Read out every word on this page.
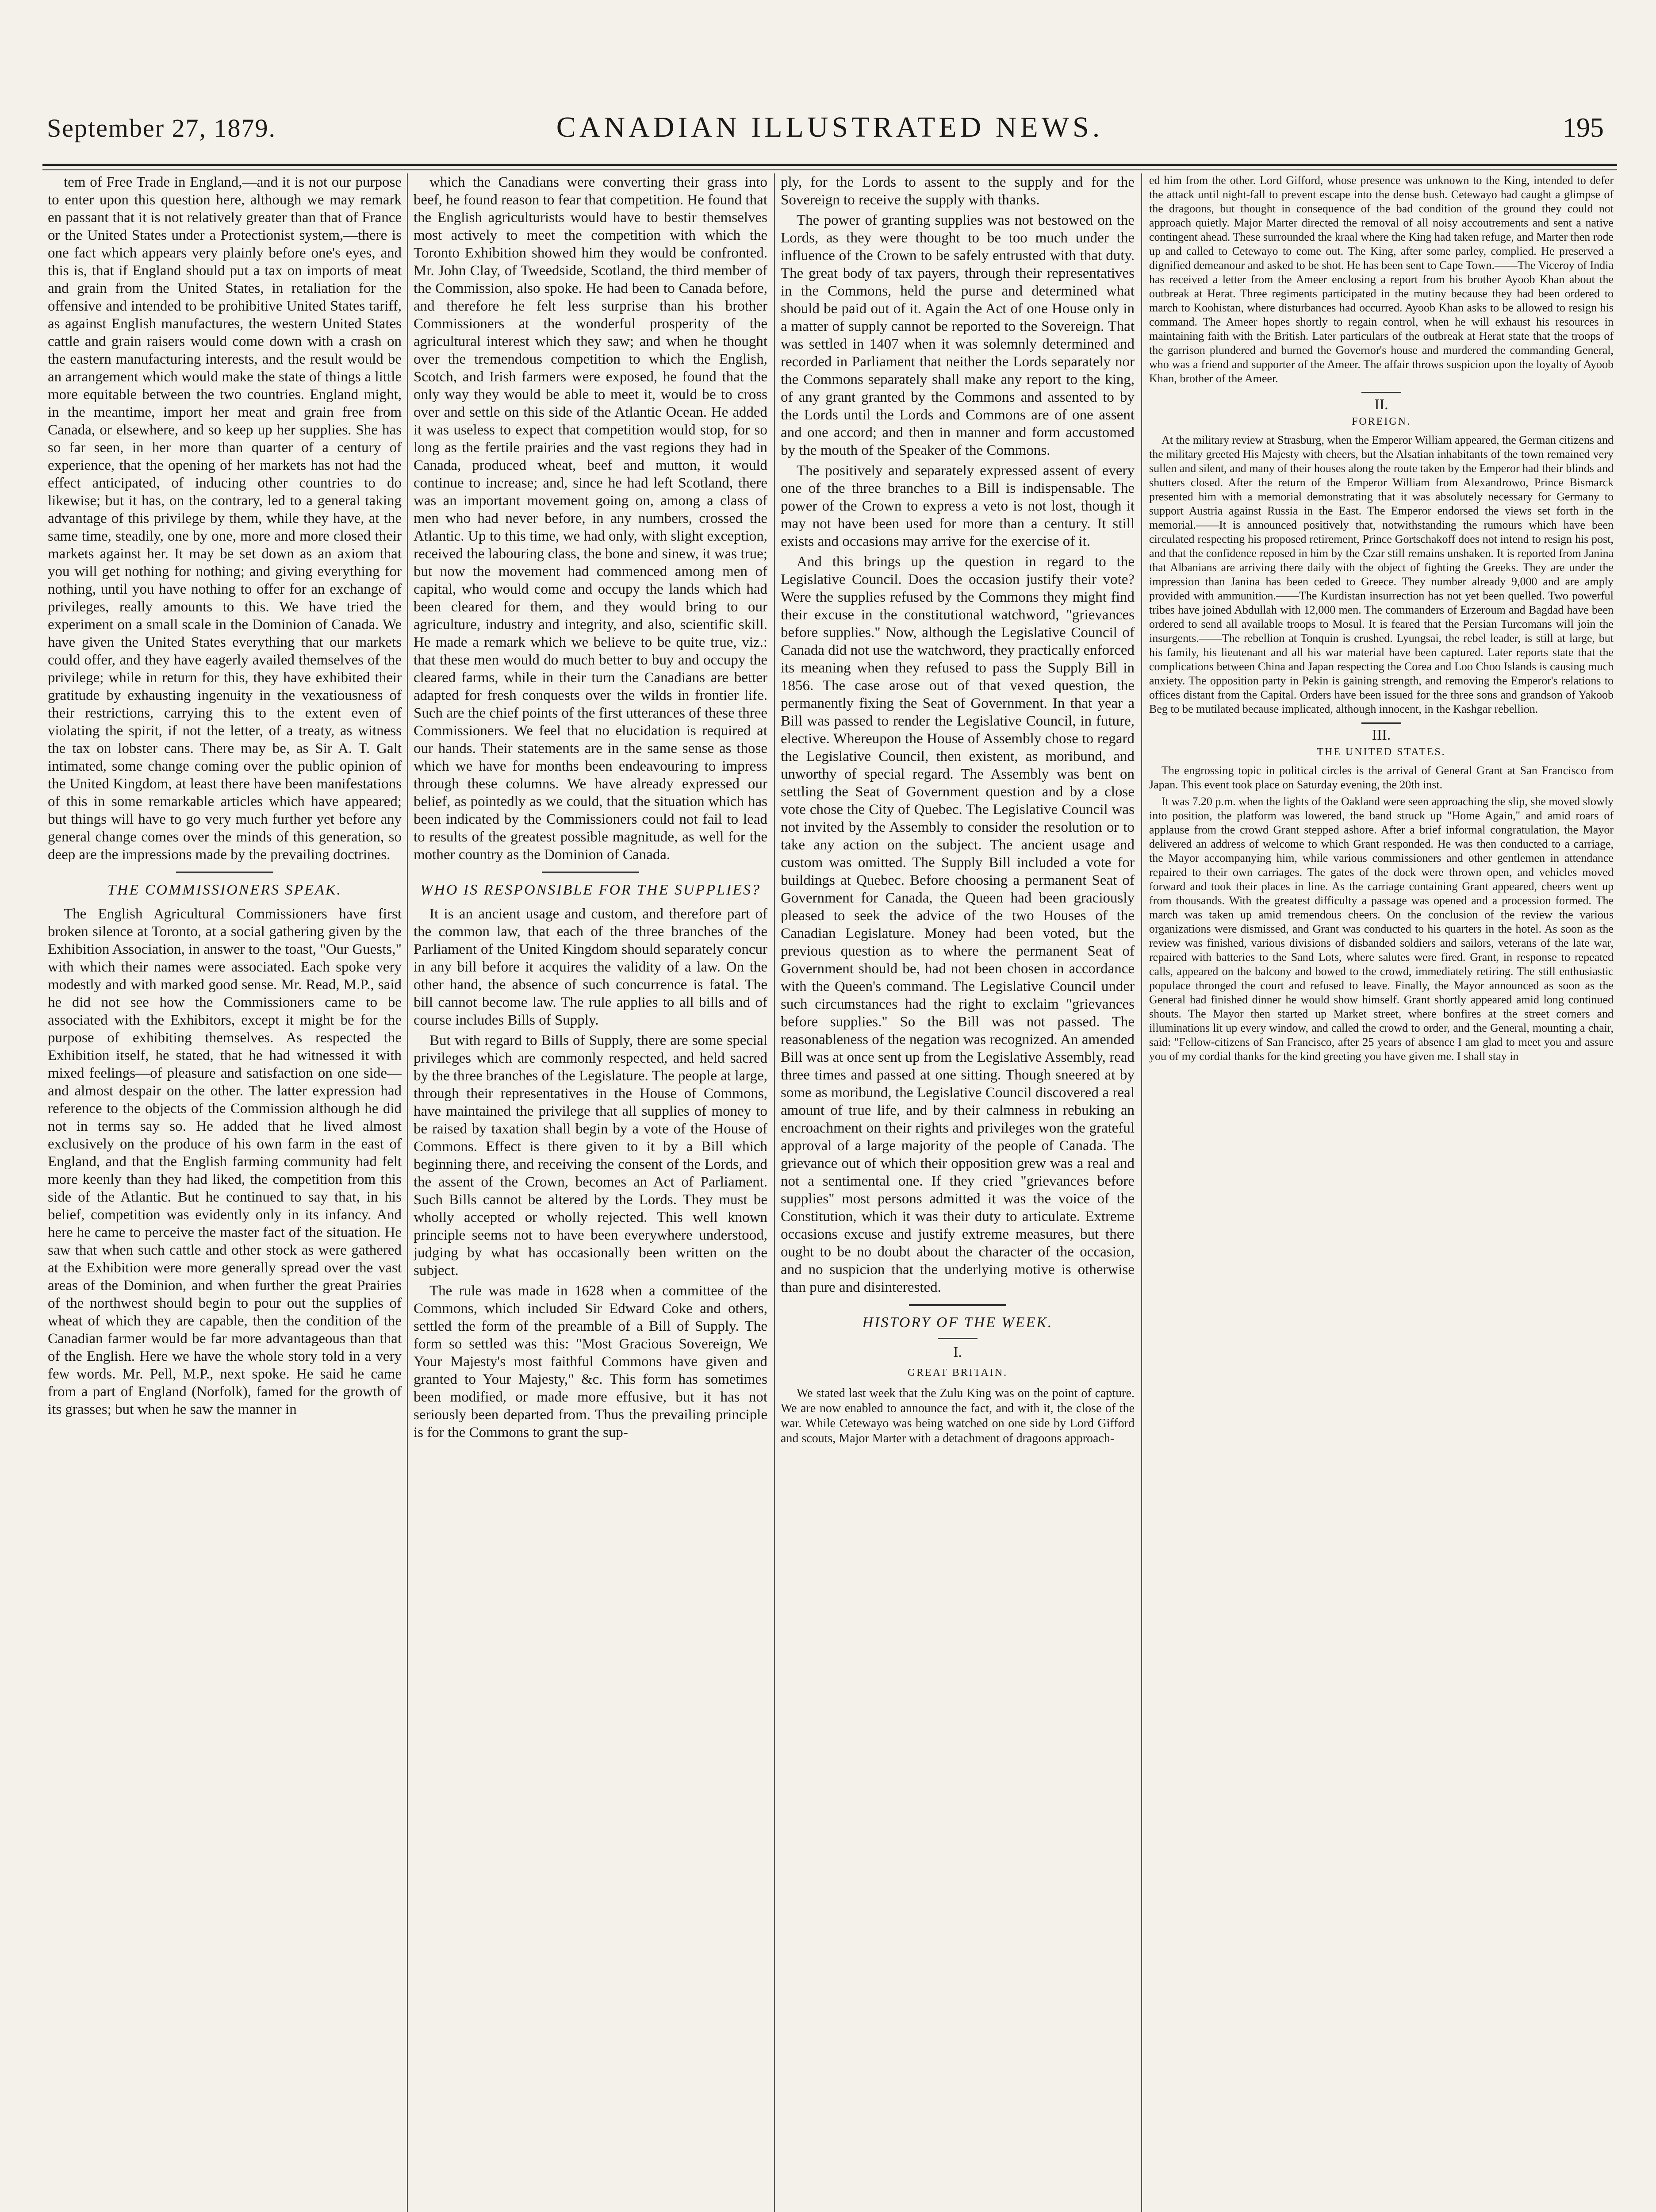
September 27, 1879.	CANADIAN ILLUSTRATED NEWS.	195

tem of Free Trade in England,—and it is not our purpose to enter upon this question here, although we may remark en passant that it is not relatively greater than that of France or the United States under a Protectionist system,—there is one fact which appears very plainly before one's eyes, and this is, that if England should put a tax on imports of meat and grain from the United States, in retaliation for the offensive and intended to be prohibitive United States tariff, as against English manufactures, the western United States cattle and grain raisers would come down with a crash on the eastern manufacturing interests, and the result would be an arrangement which would make the state of things a little more equitable between the two countries. England might, in the meantime, import her meat and grain free from Canada, or elsewhere, and so keep up her supplies. She has so far seen, in her more than quarter of a century of experience, that the opening of her markets has not had the effect anticipated, of inducing other countries to do likewise; but it has, on the contrary, led to a general taking advantage of this privilege by them, while they have, at the same time, steadily, one by one, more and more closed their markets against her. It may be set down as an axiom that you will get nothing for nothing; and giving everything for nothing, until you have nothing to offer for an exchange of privileges, really amounts to this. We have tried the experiment on a small scale in the Dominion of Canada. We have given the United States everything that our markets could offer, and they have eagerly availed themselves of the privilege; while in return for this, they have exhibited their gratitude by exhausting ingenuity in the vexatiousness of their restrictions, carrying this to the extent even of violating the spirit, if not the letter, of a treaty, as witness the tax on lobster cans. There may be, as Sir A. T. Galt intimated, some change coming over the public opinion of the United Kingdom, at least there have been manifestations of this in some remarkable articles which have appeared; but things will have to go very much further yet before any general change comes over the minds of this generation, so deep are the impressions made by the prevailing doctrines.

THE COMMISSIONERS SPEAK.

The English Agricultural Commissioners have first broken silence at Toronto, at a social gathering given by the Exhibition Association, in answer to the toast, "Our Guests," with which their names were associated. Each spoke very modestly and with marked good sense. Mr. Read, M.P., said he did not see how the Commissioners came to be associated with the Exhibitors, except it might be for the purpose of exhibiting themselves. As respected the Exhibition itself, he stated, that he had witnessed it with mixed feelings—of pleasure and satisfaction on one side—and almost despair on the other. The latter expression had reference to the objects of the Commission although he did not in terms say so. He added that he lived almost exclusively on the produce of his own farm in the east of England, and that the English farming community had felt more keenly than they had liked, the competition from this side of the Atlantic. But he continued to say that, in his belief, competition was evidently only in its infancy. And here he came to perceive the master fact of the situation. He saw that when such cattle and other stock as were gathered at the Exhibition were more generally spread over the vast areas of the Dominion, and when further the great Prairies of the northwest should begin to pour out the supplies of wheat of which they are capable, then the condition of the Canadian farmer would be far more advantageous than that of the English. Here we have the whole story told in a very few words. Mr. Pell, M.P., next spoke. He said he came from a part of England (Norfolk), famed for the growth of its grasses; but when he saw the manner in

which the Canadians were converting their grass into beef, he found reason to fear that competition. He found that the English agriculturists would have to bestir themselves most actively to meet the competition with which the Toronto Exhibition showed him they would be confronted. Mr. John Clay, of Tweedside, Scotland, the third member of the Commission, also spoke. He had been to Canada before, and therefore he felt less surprise than his brother Commissioners at the wonderful prosperity of the agricultural interest which they saw; and when he thought over the tremendous competition to which the English, Scotch, and Irish farmers were exposed, he found that the only way they would be able to meet it, would be to cross over and settle on this side of the Atlantic Ocean. He added it was useless to expect that competition would stop, for so long as the fertile prairies and the vast regions they had in Canada, produced wheat, beef and mutton, it would continue to increase; and, since he had left Scotland, there was an important movement going on, among a class of men who had never before, in any numbers, crossed the Atlantic. Up to this time, we had only, with slight exception, received the labouring class, the bone and sinew, it was true; but now the movement had commenced among men of capital, who would come and occupy the lands which had been cleared for them, and they would bring to our agriculture, industry and integrity, and also, scientific skill. He made a remark which we believe to be quite true, viz.: that these men would do much better to buy and occupy the cleared farms, while in their turn the Canadians are better adapted for fresh conquests over the wilds in frontier life. Such are the chief points of the first utterances of these three Commissioners. We feel that no elucidation is required at our hands. Their statements are in the same sense as those which we have for months been endeavouring to impress through these columns. We have already expressed our belief, as pointedly as we could, that the situation which has been indicated by the Commissioners could not fail to lead to results of the greatest possible magnitude, as well for the mother country as the Dominion of Canada.

WHO IS RESPONSIBLE FOR THE SUPPLIES?

It is an ancient usage and custom, and therefore part of the common law, that each of the three branches of the Parliament of the United Kingdom should separately concur in any bill before it acquires the validity of a law. On the other hand, the absence of such concurrence is fatal. The bill cannot become law. The rule applies to all bills and of course includes Bills of Supply.

But with regard to Bills of Supply, there are some special privileges which are commonly respected, and held sacred by the three branches of the Legislature. The people at large, through their representatives in the House of Commons, have maintained the privilege that all supplies of money to be raised by taxation shall begin by a vote of the House of Commons. Effect is there given to it by a Bill which beginning there, and receiving the consent of the Lords, and the assent of the Crown, becomes an Act of Parliament. Such Bills cannot be altered by the Lords. They must be wholly accepted or wholly rejected. This well known principle seems not to have been everywhere understood, judging by what has occasionally been written on the subject.

The rule was made in 1628 when a committee of the Commons, which included Sir Edward Coke and others, settled the form of the preamble of a Bill of Supply. The form so settled was this: "Most Gracious Sovereign, We Your Majesty's most faithful Commons have given and granted to Your Majesty," &c. This form has sometimes been modified, or made more effusive, but it has not seriously been departed from. Thus the prevailing principle is for the Commons to grant the sup-

ply, for the Lords to assent to the supply and for the Sovereign to receive the supply with thanks.

The power of granting supplies was not bestowed on the Lords, as they were thought to be too much under the influence of the Crown to be safely entrusted with that duty. The great body of tax payers, through their representatives in the Commons, held the purse and determined what should be paid out of it. Again the Act of one House only in a matter of supply cannot be reported to the Sovereign. That was settled in 1407 when it was solemnly determined and recorded in Parliament that neither the Lords separately nor the Commons separately shall make any report to the king, of any grant granted by the Commons and assented to by the Lords until the Lords and Commons are of one assent and one accord; and then in manner and form accustomed by the mouth of the Speaker of the Commons.

The positively and separately expressed assent of every one of the three branches to a Bill is indispensable. The power of the Crown to express a veto is not lost, though it may not have been used for more than a century. It still exists and occasions may arrive for the exercise of it.

And this brings up the question in regard to the Legislative Council. Does the occasion justify their vote? Were the supplies refused by the Commons they might find their excuse in the constitutional watchword, "grievances before supplies." Now, although the Legislative Council of Canada did not use the watchword, they practically enforced its meaning when they refused to pass the Supply Bill in 1856. The case arose out of that vexed question, the permanently fixing the Seat of Government. In that year a Bill was passed to render the Legislative Council, in future, elective. Whereupon the House of Assembly chose to regard the Legislative Council, then existent, as moribund, and unworthy of special regard. The Assembly was bent on settling the Seat of Government question and by a close vote chose the City of Quebec. The Legislative Council was not invited by the Assembly to consider the resolution or to take any action on the subject. The ancient usage and custom was omitted. The Supply Bill included a vote for buildings at Quebec. Before choosing a permanent Seat of Government for Canada, the Queen had been graciously pleased to seek the advice of the two Houses of the Canadian Legislature. Money had been voted, but the previous question as to where the permanent Seat of Government should be, had not been chosen in accordance with the Queen's command. The Legislative Council under such circumstances had the right to exclaim "grievances before supplies." So the Bill was not passed. The reasonableness of the negation was recognized. An amended Bill was at once sent up from the Legislative Assembly, read three times and passed at one sitting. Though sneered at by some as moribund, the Legislative Council discovered a real amount of true life, and by their calmness in rebuking an encroachment on their rights and privileges won the grateful approval of a large majority of the people of Canada. The grievance out of which their opposition grew was a real and not a sentimental one. If they cried "grievances before supplies" most persons admitted it was the voice of the Constitution, which it was their duty to articulate. Extreme occasions excuse and justify extreme measures, but there ought to be no doubt about the character of the occasion, and no suspicion that the underlying motive is otherwise than pure and disinterested.

HISTORY OF THE WEEK.
I.
GREAT BRITAIN.

We stated last week that the Zulu King was on the point of capture. We are now enabled to announce the fact, and with it, the close of the war. While Cetewayo was being watched on one side by Lord Gifford and scouts, Major Marter with a detachment of dragoons approach-

ed him from the other. Lord Gifford, whose presence was unknown to the King, intended to defer the attack until night-fall to prevent escape into the dense bush. Cetewayo had caught a glimpse of the dragoons, but thought in consequence of the bad condition of the ground they could not approach quietly. Major Marter directed the removal of all noisy accoutrements and sent a native contingent ahead. These surrounded the kraal where the King had taken refuge, and Marter then rode up and called to Cetewayo to come out. The King, after some parley, complied. He preserved a dignified demeanour and asked to be shot. He has been sent to Cape Town.——The Viceroy of India has received a letter from the Ameer enclosing a report from his brother Ayoob Khan about the outbreak at Herat. Three regiments participated in the mutiny because they had been ordered to march to Koohistan, where disturbances had occurred. Ayoob Khan asks to be allowed to resign his command. The Ameer hopes shortly to regain control, when he will exhaust his resources in maintaining faith with the British. Later particulars of the outbreak at Herat state that the troops of the garrison plundered and burned the Governor's house and murdered the commanding General, who was a friend and supporter of the Ameer. The affair throws suspicion upon the loyalty of Ayoob Khan, brother of the Ameer.

II.
FOREIGN.

At the military review at Strasburg, when the Emperor William appeared, the German citizens and the military greeted His Majesty with cheers, but the Alsatian inhabitants of the town remained very sullen and silent, and many of their houses along the route taken by the Emperor had their blinds and shutters closed. After the return of the Emperor William from Alexandrowo, Prince Bismarck presented him with a memorial demonstrating that it was absolutely necessary for Germany to support Austria against Russia in the East. The Emperor endorsed the views set forth in the memorial.——It is announced positively that, notwithstanding the rumours which have been circulated respecting his proposed retirement, Prince Gortschakoff does not intend to resign his post, and that the confidence reposed in him by the Czar still remains unshaken. It is reported from Janina that Albanians are arriving there daily with the object of fighting the Greeks. They are under the impression than Janina has been ceded to Greece. They number already 9,000 and are amply provided with ammunition.——The Kurdistan insurrection has not yet been quelled. Two powerful tribes have joined Abdullah with 12,000 men. The commanders of Erzeroum and Bagdad have been ordered to send all available troops to Mosul. It is feared that the Persian Turcomans will join the insurgents.——The rebellion at Tonquin is crushed. Lyungsai, the rebel leader, is still at large, but his family, his lieutenant and all his war material have been captured. Later reports state that the complications between China and Japan respecting the Corea and Loo Choo Islands is causing much anxiety. The opposition party in Pekin is gaining strength, and removing the Emperor's relations to offices distant from the Capital. Orders have been issued for the three sons and grandson of Yakoob Beg to be mutilated because implicated, although innocent, in the Kashgar rebellion.

III.
THE UNITED STATES.

The engrossing topic in political circles is the arrival of General Grant at San Francisco from Japan. This event took place on Saturday evening, the 20th inst.

It was 7.20 p.m. when the lights of the Oakland were seen approaching the slip, she moved slowly into position, the platform was lowered, the band struck up "Home Again," and amid roars of applause from the crowd Grant stepped ashore. After a brief informal congratulation, the Mayor delivered an address of welcome to which Grant responded. He was then conducted to a carriage, the Mayor accompanying him, while various commissioners and other gentlemen in attendance repaired to their own carriages. The gates of the dock were thrown open, and vehicles moved forward and took their places in line. As the carriage containing Grant appeared, cheers went up from thousands. With the greatest difficulty a passage was opened and a procession formed. The march was taken up amid tremendous cheers. On the conclusion of the review the various organizations were dismissed, and Grant was conducted to his quarters in the hotel. As soon as the review was finished, various divisions of disbanded soldiers and sailors, veterans of the late war, repaired with batteries to the Sand Lots, where salutes were fired. Grant, in response to repeated calls, appeared on the balcony and bowed to the crowd, immediately retiring. The still enthusiastic populace thronged the court and refused to leave. Finally, the Mayor announced as soon as the General had finished dinner he would show himself. Grant shortly appeared amid long continued shouts. The Mayor then started up Market street, where bonfires at the street corners and illuminations lit up every window, and called the crowd to order, and the General, mounting a chair, said: "Fellow-citizens of San Francisco, after 25 years of absence I am glad to meet you and assure you of my cordial thanks for the kind greeting you have given me. I shall stay in
